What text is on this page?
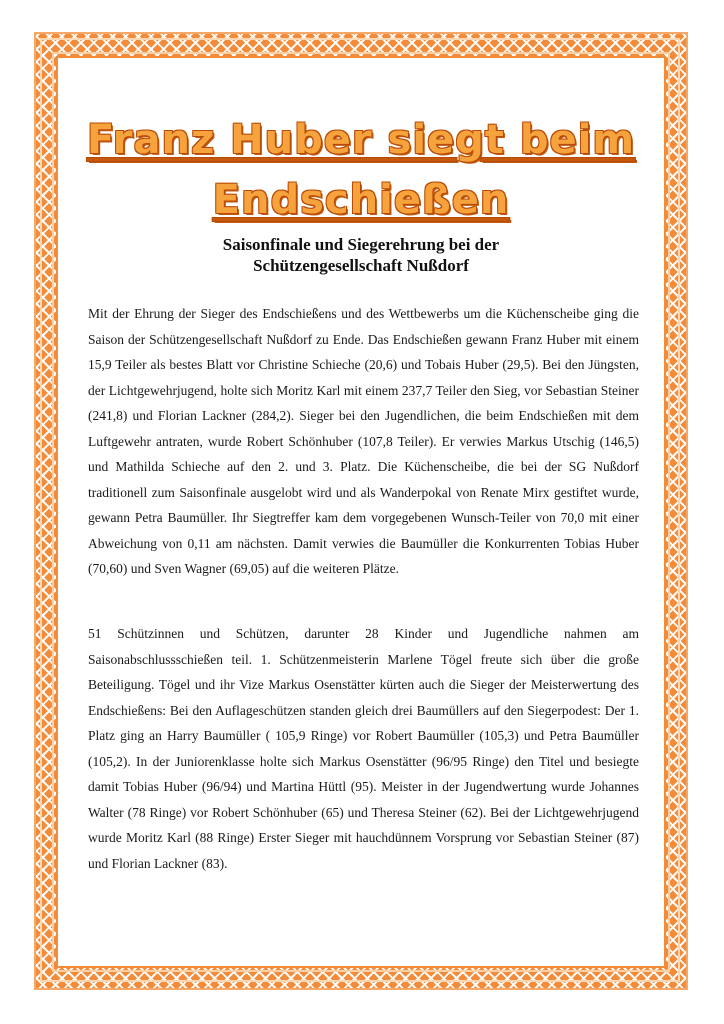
Franz Huber siegt beim Endschießen
Saisonfinale und Siegerehrung bei der
Schützengesellschaft Nußdorf

Mit der Ehrung der Sieger des Endschießens und des Wettbewerbs um die Küchenscheibe ging die Saison der Schützengesellschaft Nußdorf zu Ende. Das Endschießen gewann Franz Huber mit einem 15,9 Teiler als bestes Blatt vor Christine Schieche (20,6) und Tobais Huber (29,5). Bei den Jüngsten, der Lichtgewehrjugend, holte sich Moritz Karl mit einem 237,7 Teiler den Sieg, vor Sebastian Steiner (241,8) und Florian Lackner (284,2). Sieger bei den Jugendlichen, die beim Endschießen mit dem Luftgewehr antraten, wurde Robert Schönhuber (107,8 Teiler). Er verwies Markus Utschig (146,5) und Mathilda Schieche auf den 2. und 3. Platz. Die Küchenscheibe, die bei der SG Nußdorf traditionell zum Saisonfinale ausgelobt wird und als Wanderpokal von Renate Mirx gestiftet wurde, gewann Petra Baumüller. Ihr Siegtreffer kam dem vorgegebenen Wunsch-Teiler von 70,0 mit einer Abweichung von 0,11 am nächsten. Damit verwies die Baumüller die Konkurrenten Tobias Huber (70,60) und Sven Wagner (69,05) auf die weiteren Plätze.

51 Schützinnen und Schützen, darunter 28 Kinder und Jugendliche nahmen am Saisonabschlussschießen teil. 1. Schützenmeisterin Marlene Tögel freute sich über die große Beteiligung. Tögel und ihr Vize Markus Osenstätter kürten auch die Sieger der Meisterwertung des Endschießens: Bei den Auflageschützen standen gleich drei Baumüllers auf den Siegerpodest: Der 1. Platz ging an Harry Baumüller ( 105,9 Ringe) vor Robert Baumüller (105,3) und Petra Baumüller (105,2). In der Juniorenklasse holte sich Markus Osenstätter (96/95 Ringe) den Titel und besiegte damit Tobias Huber (96/94) und Martina Hüttl (95). Meister in der Jugendwertung wurde Johannes Walter (78 Ringe) vor Robert Schönhuber (65) und Theresa Steiner (62). Bei der Lichtgewehrjugend wurde Moritz Karl (88 Ringe) Erster Sieger mit hauchdünnem Vorsprung vor Sebastian Steiner (87) und Florian Lackner (83).
